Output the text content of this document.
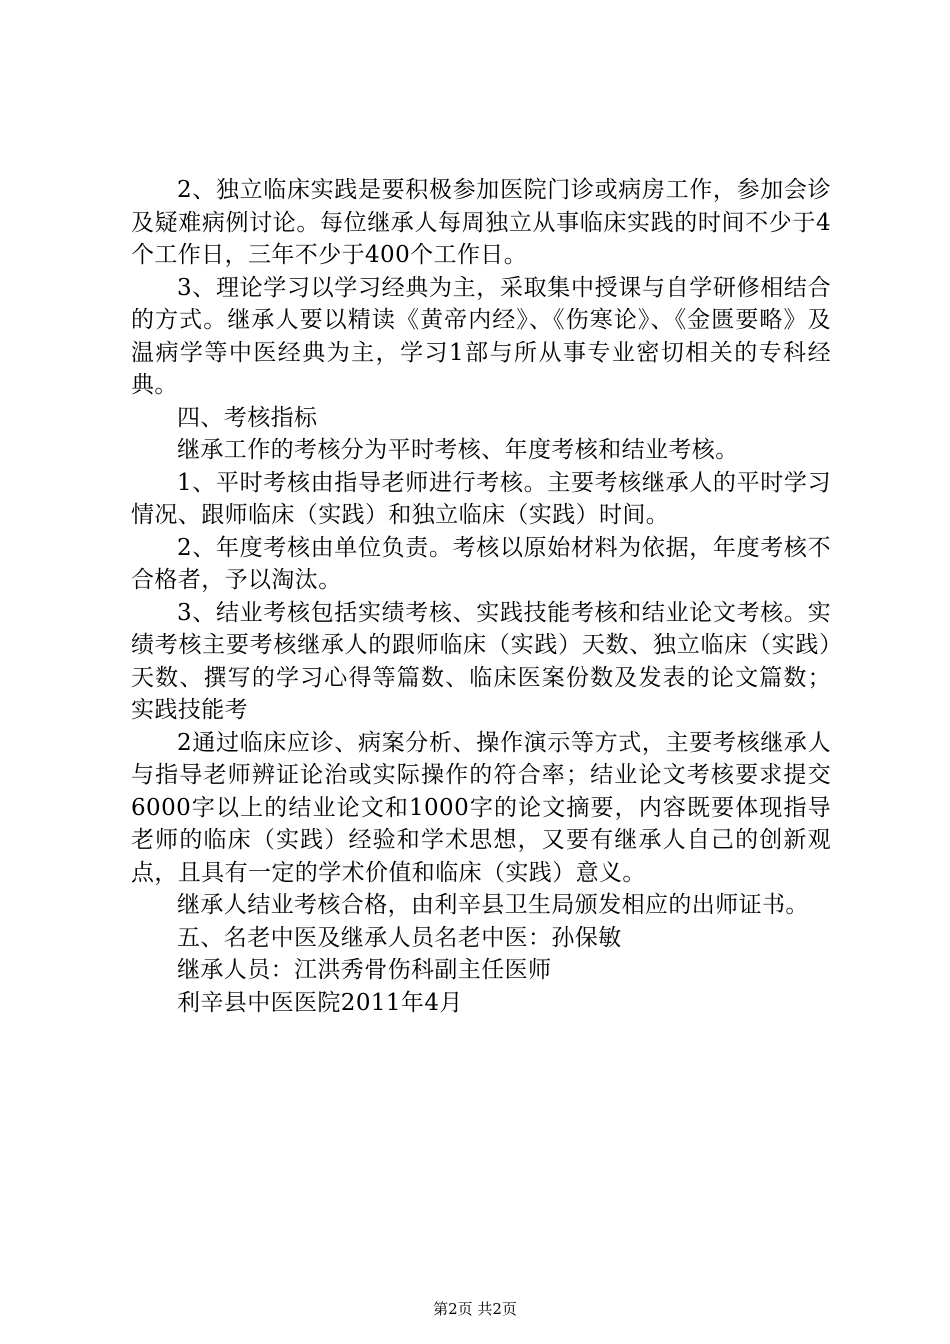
2、独立临床实践是要积极参加医院门诊或病房工作，参加会诊及疑难病例讨论。每位继承人每周独立从事临床实践的时间不少于4个工作日，三年不少于400个工作日。

3、理论学习以学习经典为主，采取集中授课与自学研修相结合的方式。继承人要以精读《黄帝内经》、《伤寒论》、《金匮要略》及温病学等中医经典为主，学习1部与所从事专业密切相关的专科经典。

四、考核指标

继承工作的考核分为平时考核、年度考核和结业考核。

1、平时考核由指导老师进行考核。主要考核继承人的平时学习情况、跟师临床（实践）和独立临床（实践）时间。

2、年度考核由单位负责。考核以原始材料为依据，年度考核不合格者，予以淘汰。

3、结业考核包括实绩考核、实践技能考核和结业论文考核。实绩考核主要考核继承人的跟师临床（实践）天数、独立临床（实践）天数、撰写的学习心得等篇数、临床医案份数及发表的论文篇数；实践技能考

2通过临床应诊、病案分析、操作演示等方式，主要考核继承人与指导老师辨证论治或实际操作的符合率；结业论文考核要求提交6000字以上的结业论文和1000字的论文摘要，内容既要体现指导老师的临床（实践）经验和学术思想，又要有继承人自己的创新观点，且具有一定的学术价值和临床（实践）意义。

继承人结业考核合格，由利辛县卫生局颁发相应的出师证书。

五、名老中医及继承人员名老中医：孙保敏

继承人员：江洪秀骨伤科副主任医师

利辛县中医医院2011年4月

第2页 共2页
